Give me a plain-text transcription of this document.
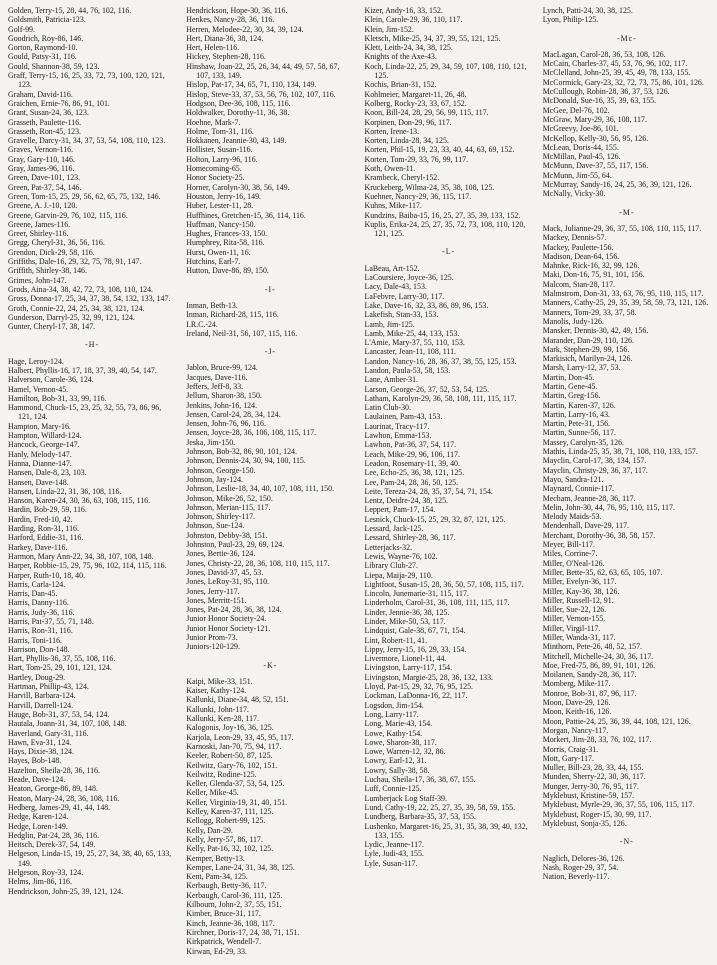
Golden, Terry-15, 28, 44, 76, 102, 116.
Goldsmith, Patricia-123.
Golf-99.
Goodrich, Roy-86, 146.
Gorton, Raymond-10.
Gould, Patsy-31, 116.
Gould, Shannon-38, 59, 123.
Graff, Terry-15, 16, 25, 33, 72, 73, 100, 120, 121, 123.
Graham, David-116.
Graichen, Ernie-76, 86, 91, 101.
Grant, Susan-24, 36, 123.
Grasseth, Paulette-116.
Grasseth, Ron-45, 123.
Gravelle, Darcy-31, 34, 37, 53, 54, 108, 110, 123.
Graves, Vernon-116.
Gray, Gary-110, 146.
Gray, James-96, 116.
Green, Dave-101, 123.
Green, Pat-37, 54, 146.
Green, Tom-15, 25, 29, 56, 62, 65, 75, 132, 146.
Greene, A. J.-10, 120.
Greene, Garvin-29, 76, 102, 115, 116.
Greene, James-116.
Greer, Shirley-116.
Gregg, Cheryl-31, 36, 56, 116.
Grendon, Dick-29, 58, 116.
Griffiths, Dale-16, 29, 32, 75, 78, 91, 147.
Griffith, Shirley-38, 146.
Grimes, John-147.
Grods, Aina-34, 38, 42, 72, 73, 108, 110, 124.
Gross, Donna-17, 25, 34, 37, 38, 54, 132, 133, 147.
Groth, Connie-22, 24, 25, 34, 38, 121, 124.
Gunderson, Darryl-25, 32, 99, 121, 124.
Gunter, Cheryl-17, 38, 147.
-H-
Hage, Leroy-124.
Halbert, Phyllis-16, 17, 18, 37, 39, 40, 54, 147.
Halverson, Carole-36, 124.
Hamel, Vernon-45.
Hamilton, Bob-31, 33, 99, 116.
Hammond, Chuck-15, 23, 25, 32, 55, 73, 86, 96, 121, 124.
Hampton, Mary-16.
Hampton, Willard-124.
Hancock, George-147.
Hanly, Melody-147.
Hanna, Dianne-147.
Hansen, Dale-8, 23, 103.
Hansen, Dave-148.
Hansen, Linda-22, 31, 36, 108, 116.
Hanson, Karen-24, 30, 36, 63, 108, 115, 116.
Hardin, Bob-29, 59, 116.
Hardin, Fred-10, 42.
Harding, Ron-31, 116.
Harford, Eddie-31, 116.
Harkey, Dave-116.
Harmon, Mary Ann-22, 34, 38, 107, 108, 148.
Harper, Robbie-15, 29, 75, 96, 102, 114, 115, 116.
Harper, Ruth-10, 18, 40.
Harris, Carla-124.
Harris, Dan-45.
Harris, Danny-116.
Harris, Judy-36, 116.
Harris, Pat-37, 55, 71, 148.
Harris, Ron-31, 116.
Harris, Toni-116.
Harrison, Don-148.
Hart, Phyllis-36, 37, 55, 108, 116.
Hart, Tom-25, 29, 101, 121, 124.
Hartley, Doug-29.
Hartman, Phillip-43, 124.
Harvill, Barbara-124.
Harvill, Darrell-124.
Hauge, Bob-31, 37, 53, 54, 124.
Hautala, Joann-31, 34, 107, 108, 148.
Haverland, Gary-31, 116.
Hawn, Eva-31, 124.
Hays, Dixie-38, 124.
Hayes, Bob-148.
Hazelton, Sheila-28, 36, 116.
Heade, Dave-124.
Heaton, George-86, 89, 148.
Heaton, Mary-24, 28, 36, 108, 116.
Hedberg, James-29, 41, 44, 148.
Hedge, Karen-124.
Hedge, Loren-149.
Hedglin, Pat-24, 28, 36, 116.
Heitsch, Derek-37, 54, 149.
Helgeson, Linda-15, 19, 25, 27, 34, 38, 40, 65, 133, 149.
Helgeson, Roy-33, 124.
Helms, Jim-86, 116.
Hendrickson, John-25, 39, 121, 124.
Hendrickson, Hope-30, 36, 116.
Henkes, Nancy-28, 36, 116.
Herren, Melodee-22, 30, 34, 39, 124.
Hert, Diana-36, 38, 124.
Hert, Helen-116.
Hickey, Stephen-28, 116.
Hinshaw, Joan-22, 25, 26, 34, 44, 49, 57, 58, 67, 107, 133, 149.
Hislop, Pat-17, 34, 65, 71, 110, 134, 149.
Hislop, Steve-33, 37, 53, 56, 76, 102, 107, 116.
Hodgson, Dee-36, 108, 115, 116.
Holdwalker, Dorothy-11, 36, 38.
Hoehne, Mark-7.
Holme, Tom-31, 116.
Hokkanen, Jeannie-30, 43, 149.
Hollister, Susan-116.
Holton, Larry-96, 116.
Homecoming-65.
Honor Society-25.
Horner, Carolyn-30, 38, 56, 149.
Houston, Jerry-16, 149.
Huber, Lester-11, 28.
Huffhines, Gretchen-15, 36, 114, 116.
Huffman, Nancy-150.
Hughes, Frances-33, 150.
Humphrey, Rita-58, 116.
Hurst, Owen-11, 16.
Hutchins, Earl-7.
Hutton, Dave-86, 89, 150.
-I-
Inman, Beth-13.
Inman, Richard-28, 115, 116.
I.R.C.-24.
Ireland, Neil-31, 56, 107, 115, 116.
-J-
Jablon, Bruce-99, 124.
Jacques, Dave-116.
Jeffers, Jeff-8, 33.
Jellum, Sharon-38, 150.
Jenkins, John-16, 124.
Jensen, Carol-24, 28, 34, 124.
Jensen, John-76, 96, 116.
Jensen, Joyce-28, 36, 106, 108, 115, 117.
Jeska, Jim-150.
Johnson, Bob-32, 86, 90, 101, 124.
Johnson, Dennis-24, 30, 94, 100, 115.
Johnson, George-150.
Johnson, Jay-124.
Johnson, Leslie-18, 34, 40, 107, 108, 111, 150.
Johnson, Mike-26, 52, 150.
Johnson, Merian-115, 117.
Johnson, Shirley-117.
Johnson, Sue-124.
Johnston, Debby-38, 151.
Johnston, Paul-23, 29, 69, 124.
Jones, Bertie-36, 124.
Jones, Christy-22, 28, 36, 108, 110, 115, 117.
Jones, David-37, 45, 53.
Jones, LeRoy-31, 95, 110.
Jones, Jerry-117.
Jones, Merritt-151.
Jones, Pat-24, 28, 36, 38, 124.
Junior Honor Society-24.
Junior Honor Society-121.
Junior Prom-73.
Juniors-120-129.
-K-
Kaipi, Mike-33, 151.
Kaiser, Kathy-124.
Kallunki, Diane-34, 48, 52, 151.
Kallunki, John-117.
Kallunki, Ken-28, 117.
Kalogonis, Joy-16, 36, 125.
Karjola, Leon-29, 33, 45, 95, 117.
Karnoski, Jan-70, 75, 94, 117.
Keeler, Robert-50, 87, 125.
Keilwitz, Gary-76, 102, 151.
Keilwitz, Rodine-125.
Keller, Glenda-37, 53, 54, 125.
Keller, Mike-45.
Keller, Virginia-19, 31, 40, 151.
Kelley, Karen-37, 111, 125.
Kellogg, Robert-99, 125.
Kelly, Dan-29.
Kelly, Jerry-57, 86, 117.
Kelly, Pat-16, 32, 102, 125.
Kemper, Betty-13.
Kemper, Lane-24, 31, 34, 38, 125.
Kent, Pam-34, 125.
Kerbaugh, Betty-36, 117.
Kerbaugh, Carol-36, 111, 125.
Kilbourn, John-2, 37, 55, 151.
Kimber, Bruce-31, 117.
Kinch, Jeanne-36, 108, 117.
Kirchner, Doris-17, 24, 38, 71, 151.
Kirkpatrick, Wendell-7.
Kirwan, Ed-29, 33.
Kizer, Andy-16, 33, 152.
Klein, Carole-29, 36, 110, 117.
Klein, Jim-152.
Kletsch, Mike-25, 34, 37, 39, 55, 121, 125.
Klett, Leith-24, 34, 38, 125.
Knights of the Axe-43.
Koch, Linda-22, 25, 29, 34, 59, 107, 108, 110, 121, 125.
Kochis, Brian-31, 152.
Kohlmeier, Margaret-11, 26, 48.
Kolberg, Rocky-23, 33, 67, 152.
Koon, Bill-24, 28, 29, 56, 99, 115, 117.
Korpinen, Don-29, 96, 117.
Korten, Irene-13.
Korten, Linda-28, 34, 125.
Korten, Phil-15, 19, 23, 33, 40, 44, 63, 69, 152.
Korten, Tom-29, 33, 76, 99, 117.
Koth, Owen-11.
Krambeck, Cheryl-152.
Kruckeberg, Wilma-24, 35, 38, 108, 125.
Kuehner, Nancy-29, 36, 115, 117.
Kuhns, Mike-117.
Kundzins, Baiba-15, 16, 25, 27, 35, 39, 133, 152.
Kuplis, Erika-24, 25, 27, 35, 72, 73, 108, 110, 120, 121, 125.
-L-
LaBeau, Art-152.
LaCoursiere, Joyce-36, 125.
Lacy, Dale-43, 153.
LaFebvre, Larry-30, 117.
Lake, Dave-16, 32, 33, 86, 89, 96, 153.
Lakefish, Stan-33, 153.
Lamb, Jim-125.
Lamb, Mike-25, 44, 133, 153.
L'Amie, Mary-37, 55, 110, 153.
Lancaster, Jean-11, 108, 111.
Landon, Nancy-16, 28, 36, 37, 38, 55, 125, 153.
Landon, Paula-53, 58, 153.
Lane, Amber-31.
Larson, George-26, 37, 52, 53, 54, 125.
Latham, Karolyn-29, 36, 58, 108, 111, 115, 117.
Latin Club-30.
Laulainen, Pam-43, 153.
Laurinat, Tracy-117.
Lawhon, Emma-153.
Lawhon, Pat-36, 37, 54, 117.
Leach, Mike-29, 96, 106, 117.
Leadon, Rosemary-11, 39, 40.
Lee, Echo-25, 36, 38, 121, 125.
Lee, Pam-24, 28, 36, 50, 125.
Leite, Tereza-24, 28, 35, 37, 54, 71, 154.
Lentz, Deidre-24, 38, 125.
Leppert, Pam-17, 154.
Lesnick, Chuck-15, 25, 29, 32, 87, 121, 125.
Lessard, Jack-125.
Lessard, Shirley-28, 36, 117.
Letterjacks-32.
Lewis, Wayne-76, 102.
Library Club-27.
Liepa, Maija-29, 110.
Lightfoot, Susan-15, 28, 36, 50, 57, 108, 115, 117.
Lincoln, Junemarie-31, 115, 117.
Linderholm, Carol-31, 36, 108, 111, 115, 117.
Linder, Jennie-36, 38, 125.
Linder, Mike-50, 53, 117.
Lindquist, Gale-38, 67, 71, 154.
Lint, Robert-11, 41.
Lippy, Jerry-15, 16, 29, 33, 154.
Livermore, Lionel-11, 44.
Livingston, Larry-117, 154.
Livingston, Margie-25, 28, 36, 132, 133.
Lloyd, Pat-15, 29, 32, 76, 95, 125.
Lockman, LaDonna-16, 22, 117.
Logsdon, Jim-154.
Long, Larry-117.
Long, Marie-43, 154.
Lowe, Kathy-154.
Lowe, Sharon-38, 117.
Lowe, Warren-12, 32, 86.
Lowry, Earl-12, 31.
Lowry, Sally-38, 58.
Luchau, Sheila-17, 36, 38, 67, 155.
Luff, Connie-125.
Lumberjack Log Staff-39.
Lund, Cathy-19, 22, 25, 27, 35, 39, 58, 59, 155.
Lundberg, Barbara-35, 37, 53, 155.
Lushenko, Margaret-16, 25, 31, 35, 38, 39, 40, 132, 133, 155.
Lydic, Jeanne-117.
Lyle, Judi-43, 155.
Lyle, Susan-117.
Lynch, Patti-24, 30, 38, 125.
Lyon, Philip-125.
-Mc-
MacLagan, Carol-28, 36, 53, 108, 126.
McCain, Charles-37, 45, 53, 76, 96, 102, 117.
McClelland, John-25, 39, 45, 49, 78, 133, 155.
McCormick, Gary-23, 32, 72, 73, 75, 86, 101, 126.
McCullough, Robin-28, 36, 37, 53, 126.
McDonald, Sue-16, 35, 39, 63, 155.
McGee, Del-76, 102.
McGraw, Mary-29, 36, 108, 117.
McGreevy, Joe-86, 101.
McKellop, Kelly-30, 56, 95, 126.
McLean, Doris-44, 155.
McMillan, Paul-45, 126.
McMunn, Dave-37, 55, 117, 156.
McMunn, Jim-55, 64.
McMurray, Sandy-16, 24, 25, 36, 39, 121, 126.
McNally, Vicky-30.
-M-
Mack, Julianne-29, 36, 37, 55, 108, 110, 115, 117.
Mackey, Dennis-57.
Mackey, Paulette-156.
Madison, Dean-64, 156.
Mahnke, Rick-16, 32, 99, 126.
Maki, Don-16, 75, 91, 101, 156.
Malcom, Stan-28, 117.
Malmstrom, Don-31, 33, 63, 76, 95, 110, 115, 117.
Manners, Cathy-25, 29, 35, 39, 58, 59, 73, 121, 126.
Manners, Tom-29, 33, 37, 58.
Manolis, Judy-126.
Mansker, Dennis-30, 42, 49, 156.
Marander, Dan-29, 110, 126.
Mark, Stephen-29, 99, 156.
Markisich, Marilyn-24, 126.
Marsh, Larry-12, 37, 53.
Martin, Don-45.
Martin, Gene-45.
Martin, Greg-156.
Martin, Karen-37, 126.
Martin, Larry-16, 43.
Martin, Pete-31, 156.
Martin, Sunne-56, 117.
Massey, Carolyn-35, 126.
Mathis, Linda-25, 35, 38, 71, 108, 110, 133, 157.
Mayclin, Carol-17, 38, 134, 157.
Mayclin, Christy-29, 36, 37, 117.
Mayo, Sandra-121.
Maynard, Connie-117.
Mecham, Jeanne-28, 36, 117.
Melin, John-30, 44, 76, 95, 110, 115, 117.
Melody Maids-53.
Mendenhall, Dave-29, 117.
Merchant, Dorothy-36, 38, 58, 157.
Meyer, Bill-117.
Miles, Corrine-7.
Miller, O'Neal-126.
Miller, Bette-35, 62, 63, 65, 105, 107.
Miller, Evelyn-36, 117.
Miller, Kay-36, 38, 126.
Miller, Russell-12, 91.
Miller, Sue-22, 126.
Miller, Vernon-155.
Miller, Virgil-117.
Miller, Wanda-31, 117.
Minthorn, Pete-26, 48, 52, 157.
Mitchell, Michelle-24, 30, 36, 117.
Moe, Fred-75, 86, 89, 91, 101, 126.
Moilanen, Sandy-28, 36, 117.
Momberg, Mike-117.
Monroe, Bob-31, 87, 96, 117.
Moon, Dave-29, 126.
Moon, Keith-16, 126.
Moon, Pattie-24, 25, 36, 39, 44, 108, 121, 126.
Morgan, Nancy-117.
Morkert, Jim-28, 33, 76, 102, 117.
Morris, Craig-31.
Mott, Gary-117.
Muller, Bill-23, 28, 33, 44, 155.
Munden, Sherry-22, 30, 36, 117.
Munger, Jerry-30, 76, 95, 117.
Myklebust, Kristine-59, 157.
Myklebust, Myrle-29, 36, 37, 55, 106, 115, 117.
Myklebust, Roger-15, 30, 99, 117.
Myklebust, Sonja-35, 126.
-N-
Naglich, Delores-36, 126.
Nash, Roger-29, 37, 54.
Nation, Beverly-117.
